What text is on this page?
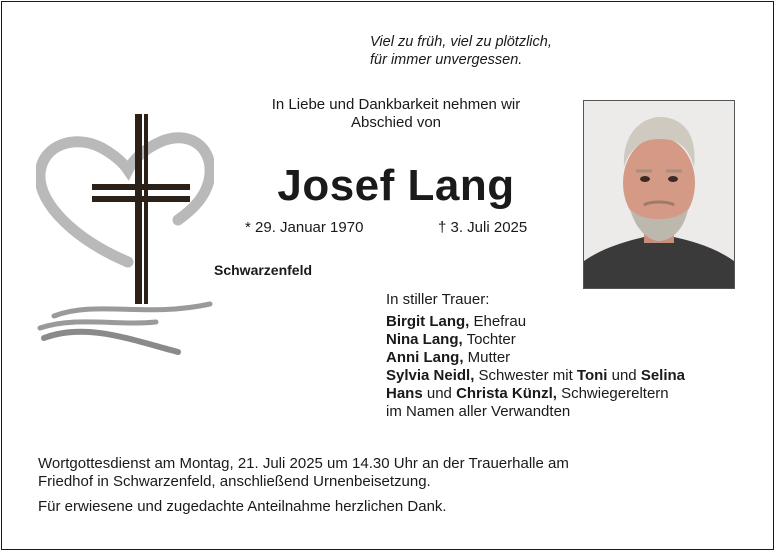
Viel zu früh, viel zu plötzlich,
für immer unvergessen.
In Liebe und Dankbarkeit nehmen wir
Abschied von
Josef Lang
* 29. Januar 1970	† 3. Juli 2025
Schwarzenfeld
In stiller Trauer:
Birgit Lang, Ehefrau
Nina Lang, Tochter
Anni Lang, Mutter
Sylvia Neidl, Schwester mit Toni und Selina
Hans und Christa Künzl, Schwiegereltern
im Namen aller Verwandten
Wortgottesdienst am Montag, 21. Juli 2025 um 14.30 Uhr an der Trauerhalle am
Friedhof in Schwarzenfeld, anschließend Urnenbeisetzung.
Für erwiesene und zugedachte Anteilnahme herzlichen Dank.
